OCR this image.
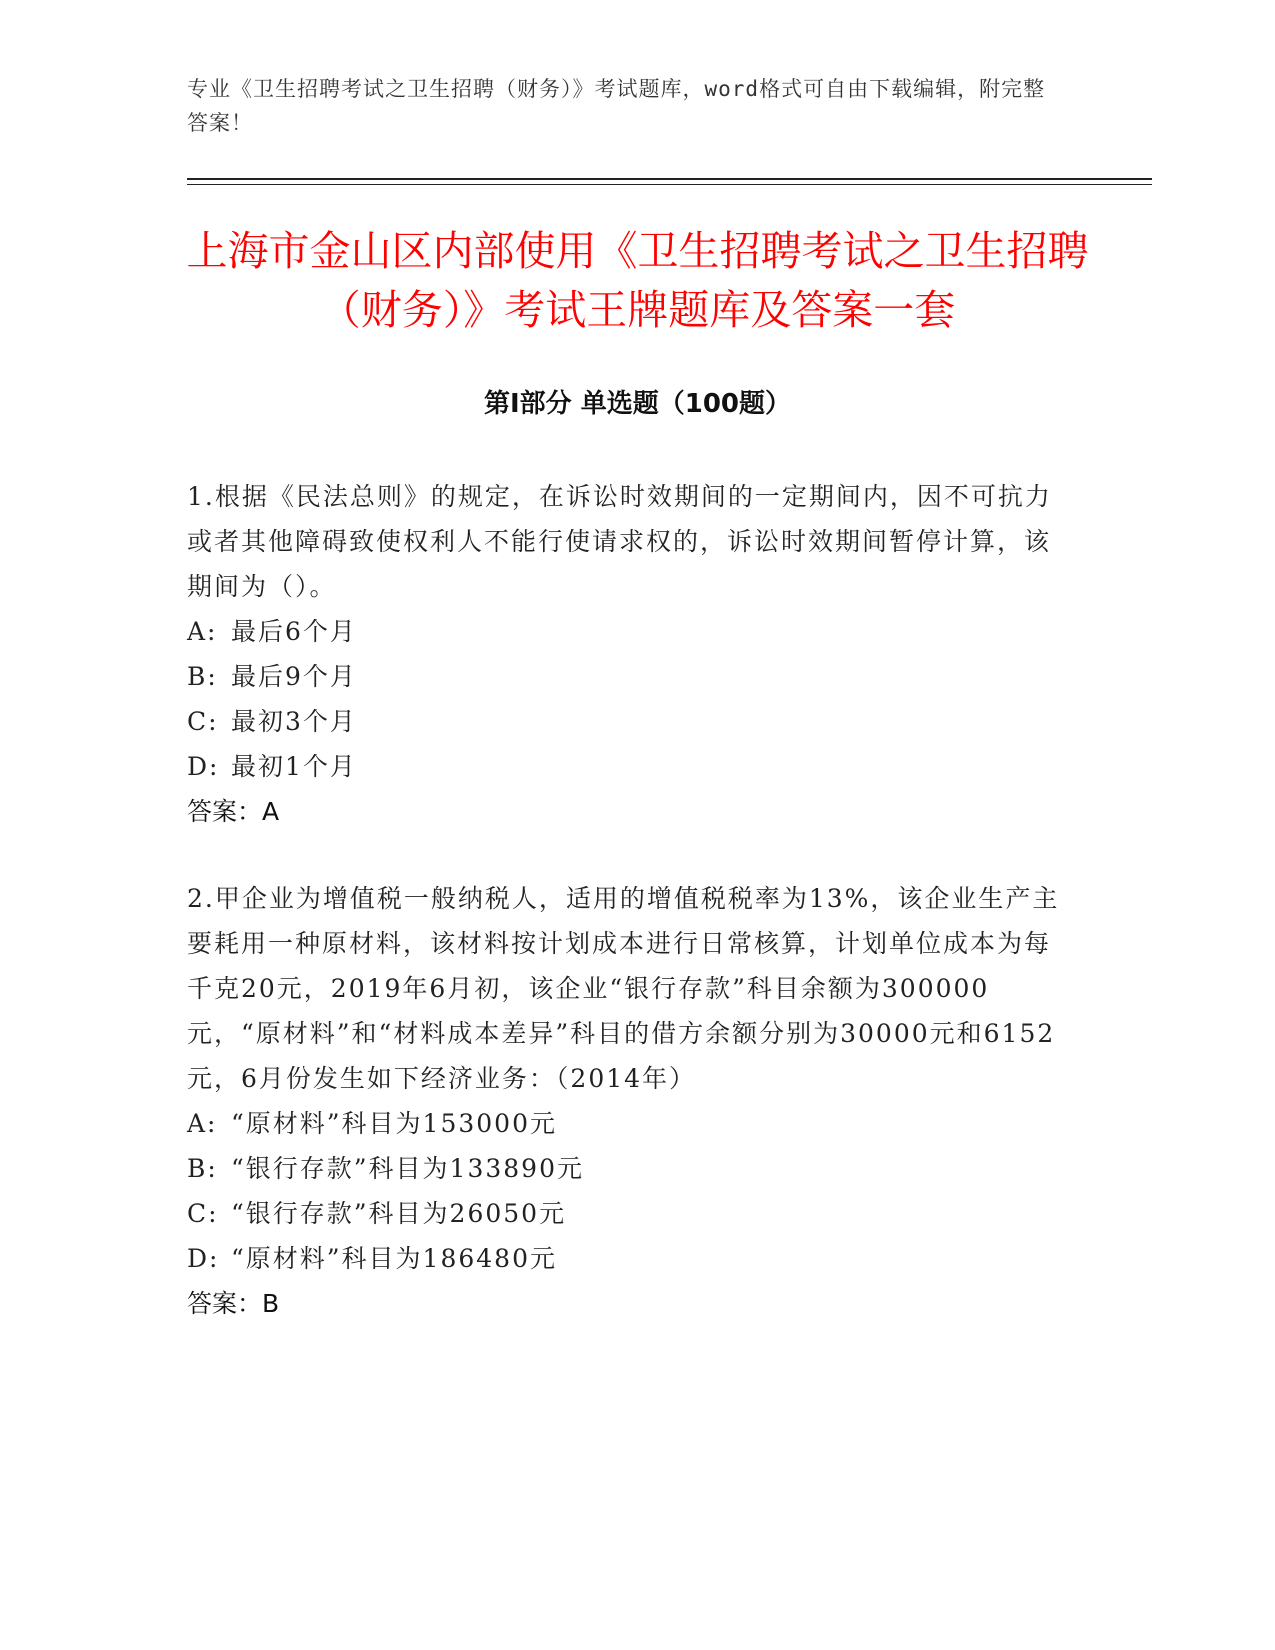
专业《卫生招聘考试之卫生招聘（财务）》考试题库，word格式可自由下载编辑，附完整答案！
上海市金山区内部使用《卫生招聘考试之卫生招聘（财务）》考试王牌题库及答案一套
第Ⅰ部分 单选题（100题）

1.根据《民法总则》的规定，在诉讼时效期间的一定期间内，因不可抗力或者其他障碍致使权利人不能行使请求权的，诉讼时效期间暂停计算，该期间为（）。

A: 最后6个月

B: 最后9个月

C: 最初3个月

D: 最初1个月

答案：A

2.甲企业为增值税一般纳税人，适用的增值税税率为13%，该企业生产主要耗用一种原材料，该材料按计划成本进行日常核算，计划单位成本为每千克20元，2019年6月初，该企业“银行存款”科目余额为300000元，“原材料”和“材料成本差异”科目的借方余额分别为30000元和6152元，6月份发生如下经济业务：（2014年）

A: “原材料”科目为153000元

B: “银行存款”科目为133890元

C: “银行存款”科目为26050元

D: “原材料”科目为186480元

答案：B
